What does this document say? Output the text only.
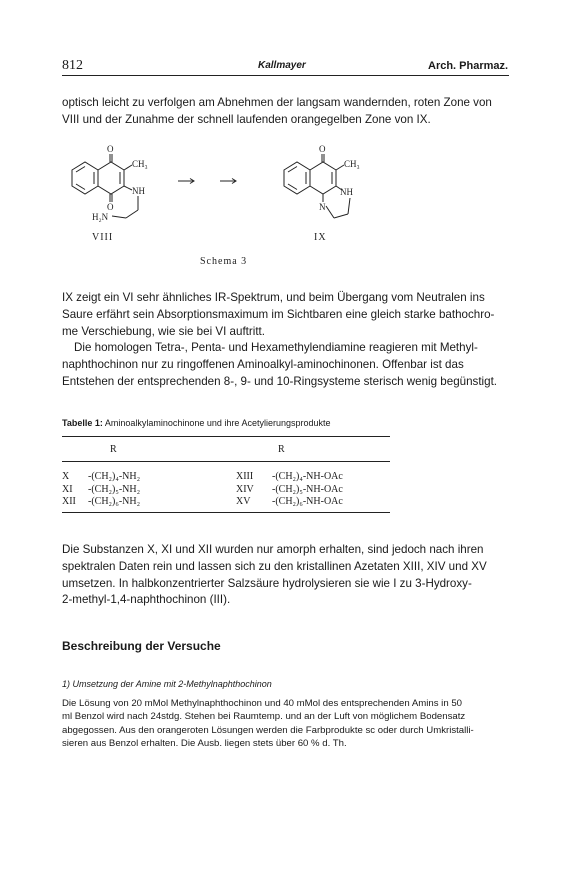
812	Kallmayer	Arch. Pharmaz.

optisch leicht zu verfolgen am Abnehmen der langsam wandernden, roten Zone von

VIII und der Zunahme der schnell laufenden orangegelben Zone von IX.

O
CH₃
NH
O
H₂N
VIII
O
CH₃
NH
N
IX
Schema 3

IX zeigt ein VI sehr ähnliches IR-Spektrum, und beim Übergang vom Neutralen ins

Saure erfährt sein Absorptionsmaximum im Sichtbaren eine gleich starke bathochro-

me Verschiebung, wie sie bei VI auftritt.

Die homologen Tetra-, Penta- und Hexamethylendiamine reagieren mit Methyl-

naphthochinon nur zu ringoffenen Aminoalkyl-aminochinonen. Offenbar ist das

Entstehen der entsprechenden 8-, 9- und 10-Ringsysteme sterisch wenig begünstigt.

Tabelle 1: Aminoalkylaminochinone und ihre Acetylierungsprodukte
	R		R

X	-(CH₂)₄-NH₂	XIII	-(CH₂)₄-NH-OAc
XI	-(CH₂)₅-NH₂	XIV	-(CH₂)₅-NH-OAc
XII	-(CH₂)₆-NH₂	XV	-(CH₂)₆-NH-OAc

Die Substanzen X, XI und XII wurden nur amorph erhalten, sind jedoch nach ihren

spektralen Daten rein und lassen sich zu den kristallinen Azetaten XIII, XIV und XV

umsetzen. In halbkonzentrierter Salzsäure hydrolysieren sie wie I zu 3-Hydroxy-

2-methyl-1,4-naphthochinon (III).

Beschreibung der Versuche
1) Umsetzung der Amine mit 2-Methylnaphthochinon

Die Lösung von 20 mMol Methylnaphthochinon und 40 mMol des entsprechenden Amins in 50

ml Benzol wird nach 24stdg. Stehen bei Raumtemp. und an der Luft von möglichem Bodensatz

abgegossen. Aus den orangeroten Lösungen werden die Farbprodukte sc oder durch Umkristalli-

sieren aus Benzol erhalten. Die Ausb. liegen stets über 60 % d. Th.
